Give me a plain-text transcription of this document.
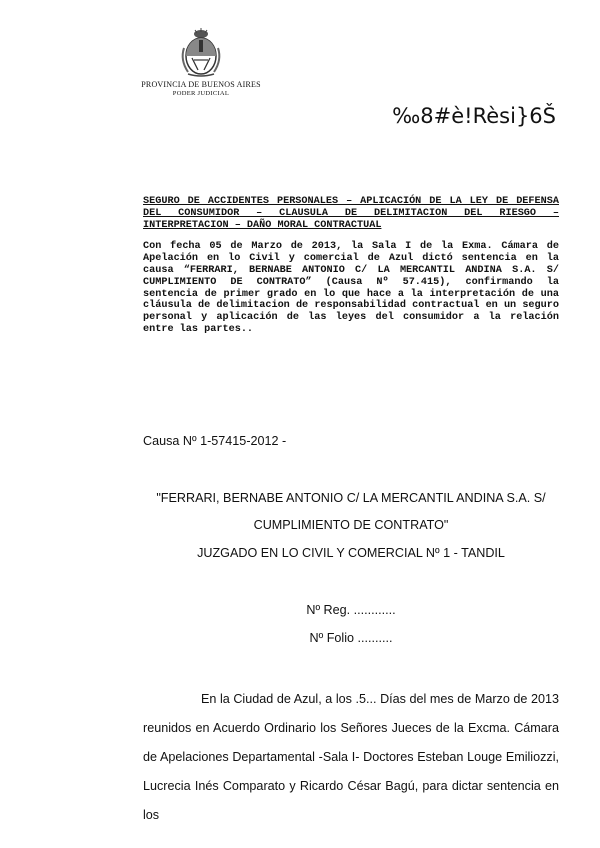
PROVINCIA DE BUENOS AIRES
PODER JUDICIAL
‰8#è!Rèsi}6Š

SEGURO DE ACCIDENTES PERSONALES – APLICACIÓN DE LA LEY DE DEFENSA DEL CONSUMIDOR – CLAUSULA DE DELIMITACION DEL RIESGO – INTERPRETACION – DAÑO MORAL CONTRACTUAL

Con fecha 05 de Marzo de 2013, la Sala I de la Exma. Cámara de Apelación en lo Civil y comercial de Azul dictó sentencia en la causa “FERRARI, BERNABE ANTONIO C/ LA MERCANTIL ANDINA S.A. S/ CUMPLIMIENTO DE CONTRATO” (Causa Nº 57.415), confirmando la sentencia de primer grado en lo que hace a la interpretación de una cláusula de delimitacion de responsabilidad contractual en un seguro personal y aplicación de las leyes del consumidor a la relación entre las partes..

Causa Nº 1-57415-2012 -
"FERRARI, BERNABE ANTONIO C/ LA MERCANTIL ANDINA S.A. S/
CUMPLIMIENTO DE CONTRATO"
JUZGADO EN LO CIVIL Y COMERCIAL Nº 1 - TANDIL
Nº Reg. ............
Nº Folio ..........

En la Ciudad de Azul, a los .5... Días del mes de Marzo de 2013 reunidos en Acuerdo Ordinario los Señores Jueces de la Excma. Cámara de Apelaciones Departamental -Sala I- Doctores Esteban Louge Emiliozzi, Lucrecia Inés Comparato y Ricardo César Bagú, para dictar sentencia en los
